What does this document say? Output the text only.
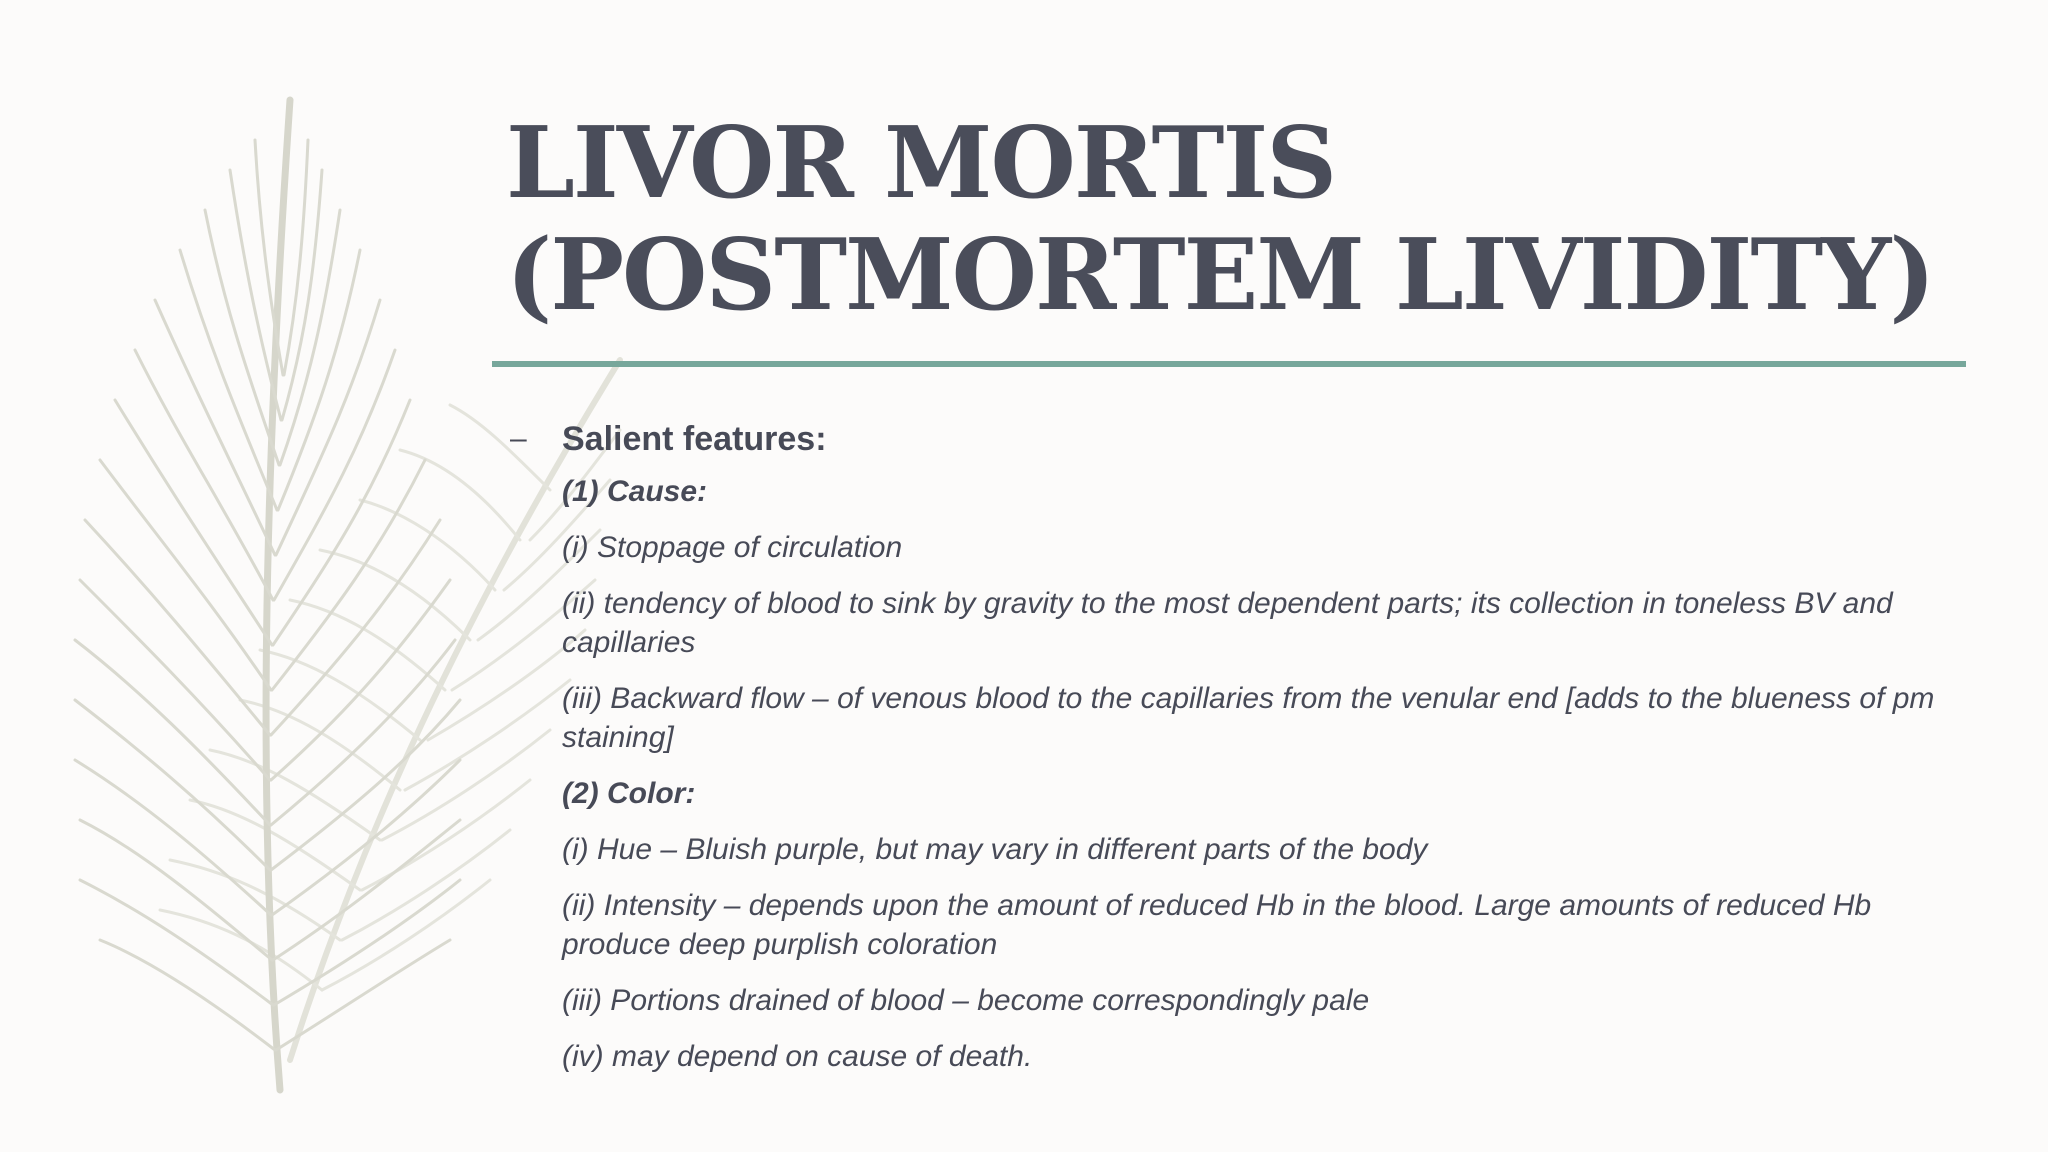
LIVOR MORTIS
(POSTMORTEM LIVIDITY)
– Salient features:
(1) Cause:
(i) Stoppage of circulation
(ii) tendency of blood to sink by gravity to the most dependent parts; its collection in toneless BV and capillaries
(iii) Backward flow – of venous blood to the capillaries from the venular end [adds to the blueness of pm staining]
(2) Color:
(i) Hue – Bluish purple, but may vary in different parts of the body
(ii) Intensity – depends upon the amount of reduced Hb in the blood. Large amounts of reduced Hb produce deep purplish coloration
(iii) Portions drained of blood – become correspondingly pale
(iv) may depend on cause of death.
